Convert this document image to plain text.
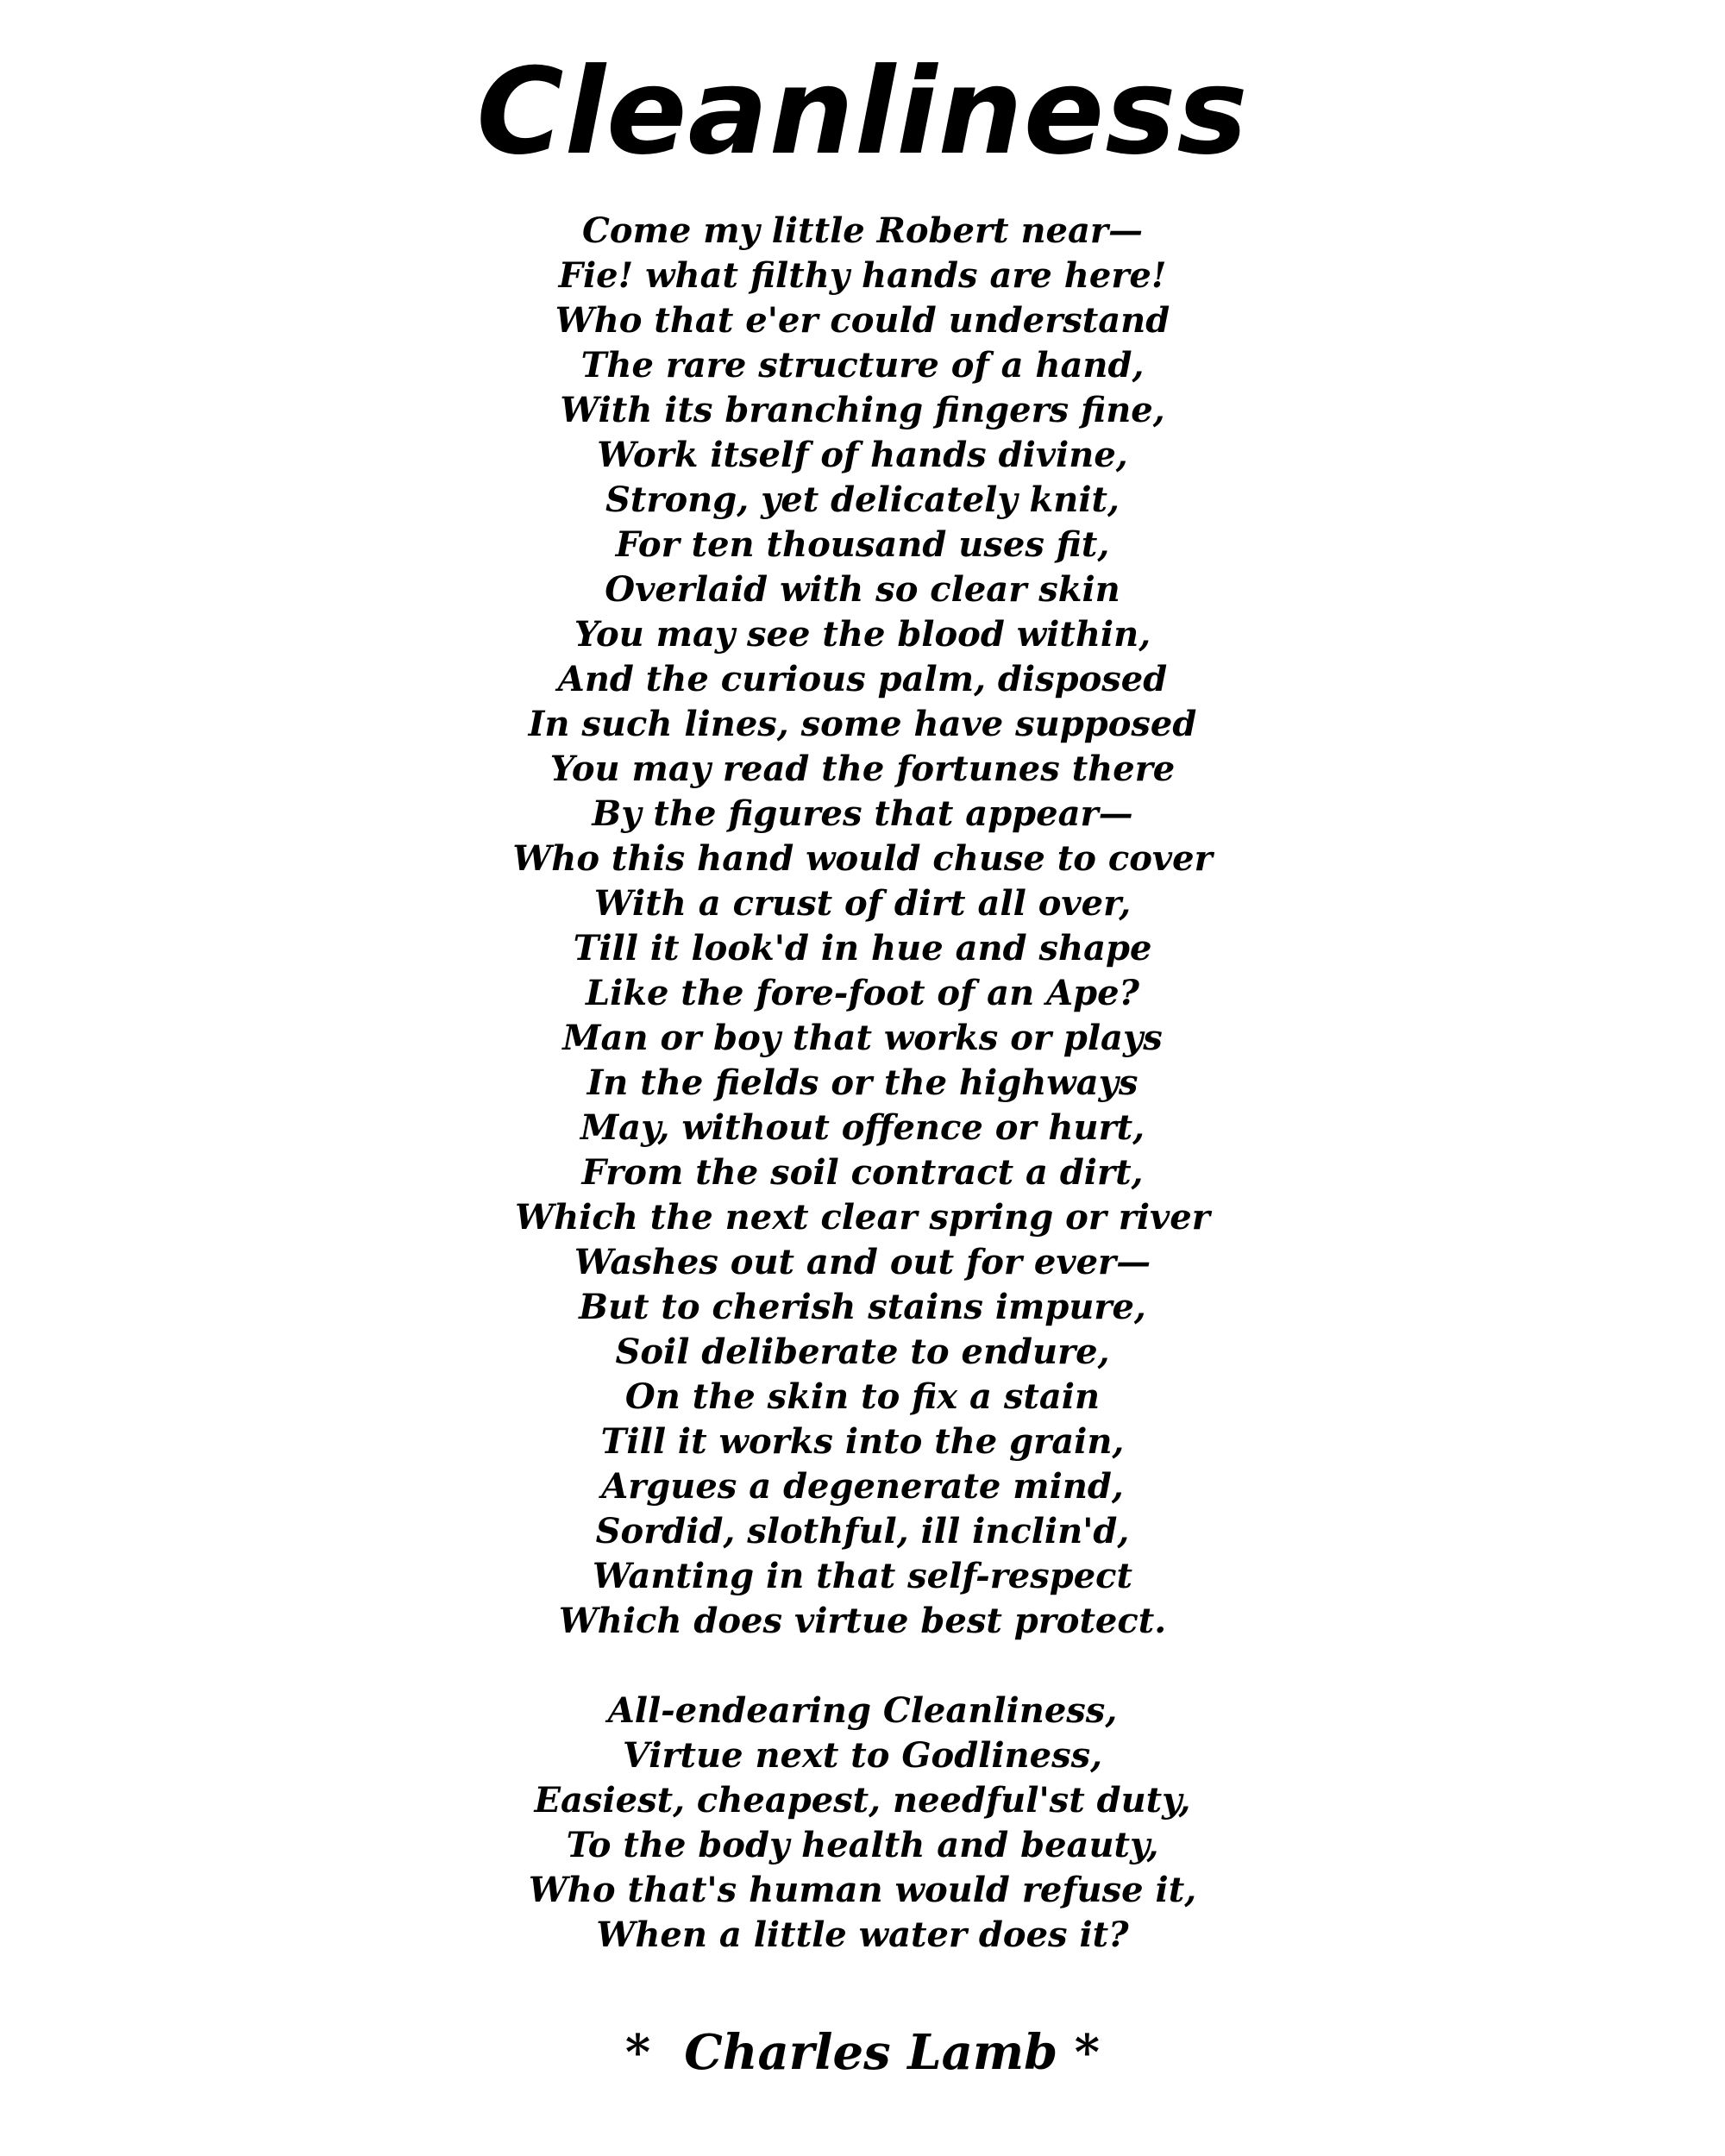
Cleanliness
Come my little Robert near—
Fie! what filthy hands are here!
Who that e'er could understand
The rare structure of a hand,
With its branching fingers fine,
Work itself of hands divine,
Strong, yet delicately knit,
For ten thousand uses fit,
Overlaid with so clear skin
You may see the blood within,
And the curious palm, disposed
In such lines, some have supposed
You may read the fortunes there
By the figures that appear—
Who this hand would chuse to cover
With a crust of dirt all over,
Till it look'd in hue and shape
Like the fore-foot of an Ape?
Man or boy that works or plays
In the fields or the highways
May, without offence or hurt,
From the soil contract a dirt,
Which the next clear spring or river
Washes out and out for ever—
But to cherish stains impure,
Soil deliberate to endure,
On the skin to fix a stain
Till it works into the grain,
Argues a degenerate mind,
Sordid, slothful, ill inclin'd,
Wanting in that self-respect
Which does virtue best protect.
All-endearing Cleanliness,
Virtue next to Godliness,
Easiest, cheapest, needful'st duty,
To the body health and beauty,
Who that's human would refuse it,
When a little water does it?
*  Charles Lamb *
